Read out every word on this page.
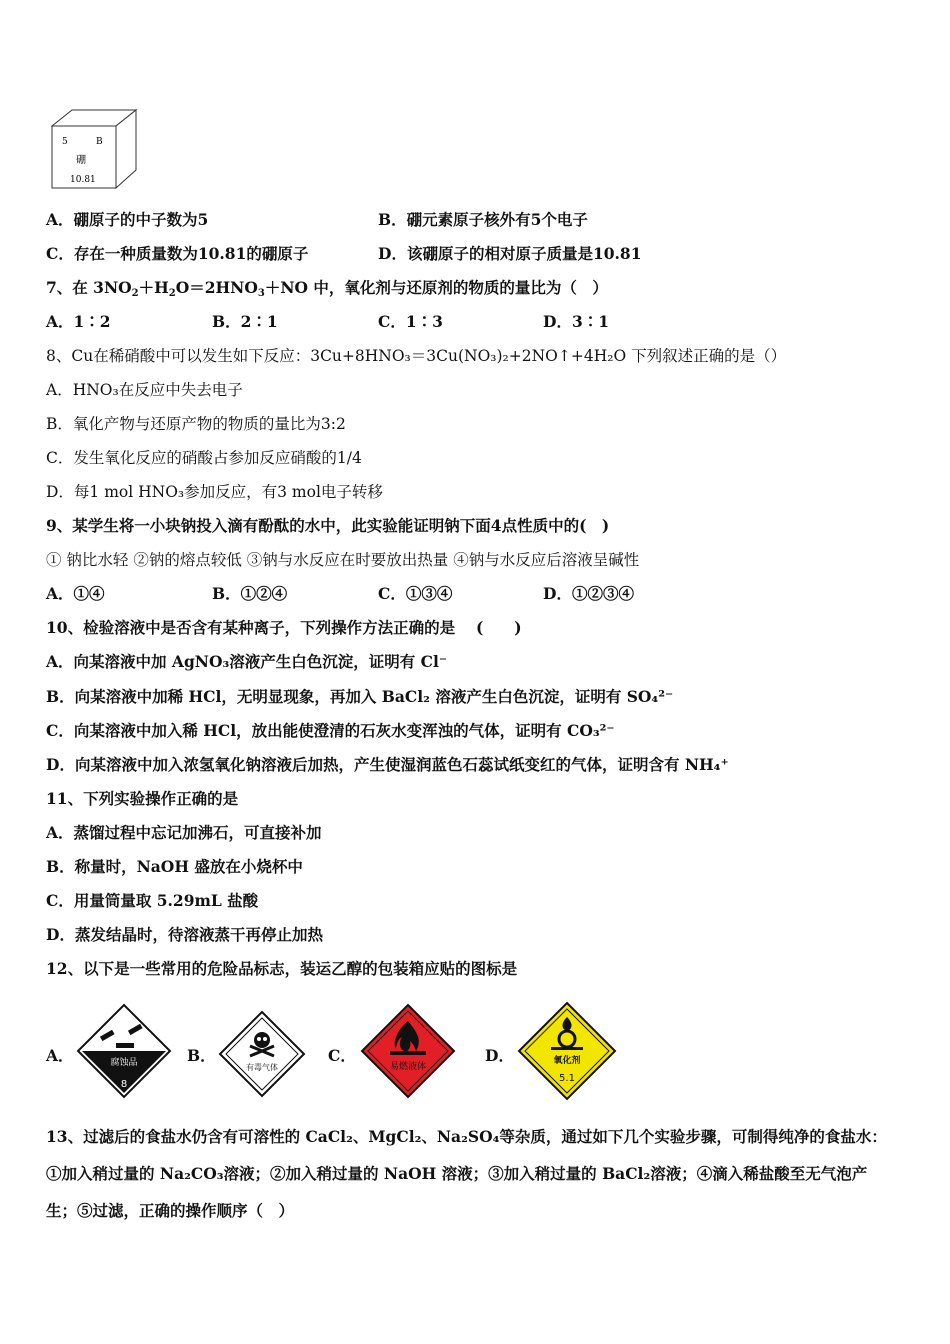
5	B
硼
10.81
A．硼原子的中子数为5	B．硼元素原子核外有5个电子
C．存在一种质量数为10.81的硼原子	D．该硼原子的相对原子质量是10.81
7、在 $3NO_2+H_2O=2HNO_3+NO$ 中，氧化剂与还原剂的物质的量比为（　）
A．1∶2	B．2∶1	C．1∶3	D．3∶1
8、Cu在稀硝酸中可以发生如下反应：3Cu+8HNO₃＝3Cu(NO₃)₂+2NO↑+4H₂O 下列叙述正确的是（）
A．HNO₃在反应中失去电子
B．氧化产物与还原产物的物质的量比为3:2
C．发生氧化反应的硝酸占参加反应硝酸的1/4
D．每1 mol HNO₃参加反应，有3 mol电子转移
9、某学生将一小块钠投入滴有酚酞的水中，此实验能证明钠下面4点性质中的(　)
① 钠比水轻 ②钠的熔点较低 ③钠与水反应在时要放出热量 ④钠与水反应后溶液呈碱性
A．①④	B．①②④	C．①③④	D．①②③④
10、检验溶液中是否含有某种离子，下列操作方法正确的是　 (　　)
A．向某溶液中加 AgNO₃溶液产生白色沉淀，证明有 Cl⁻
B．向某溶液中加稀 HCl，无明显现象，再加入 BaCl₂ 溶液产生白色沉淀，证明有 SO₄²⁻
C．向某溶液中加入稀 HCl，放出能使澄清的石灰水变浑浊的气体，证明有 CO₃²⁻
D．向某溶液中加入浓氢氧化钠溶液后加热，产生使湿润蓝色石蕊试纸变红的气体，证明含有 NH₄⁺
11、下列实验操作正确的是
A．蒸馏过程中忘记加沸石，可直接补加
B．称量时，NaOH 盛放在小烧杯中
C．用量筒量取 5.29mL 盐酸
D．蒸发结晶时，待溶液蒸干再停止加热
12、以下是一些常用的危险品标志，装运乙醇的包装箱应贴的图标是
A．	B．	C．	D．
腐蚀品
8
有毒气体	易燃液体
氧化剂
5.1
13、过滤后的食盐水仍含有可溶性的 CaCl₂、MgCl₂、Na₂SO₄等杂质，通过如下几个实验步骤，可制得纯净的食盐水：
①加入稍过量的 Na₂CO₃溶液；②加入稍过量的 NaOH 溶液；③加入稍过量的 BaCl₂溶液；④滴入稀盐酸至无气泡产
生；⑤过滤，正确的操作顺序（　）
